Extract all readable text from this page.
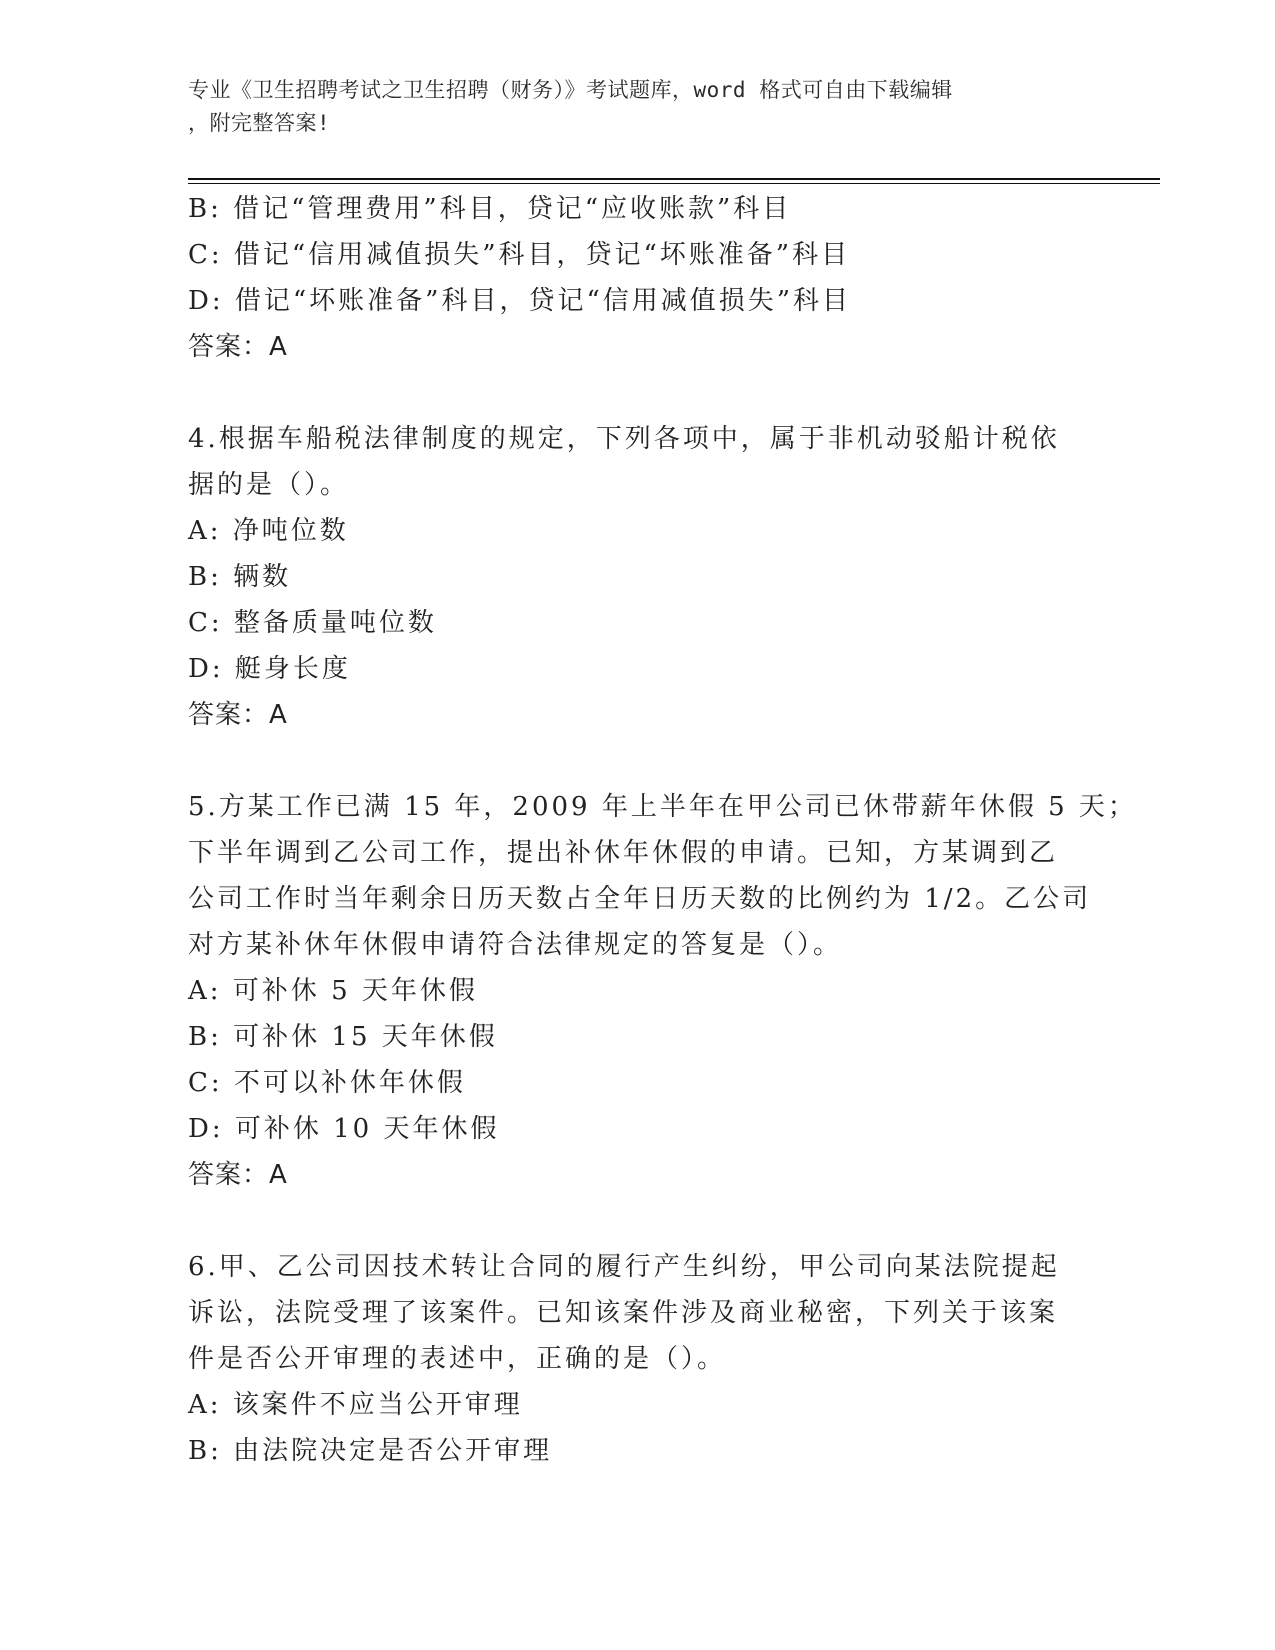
专业《卫生招聘考试之卫生招聘（财务）》考试题库，word 格式可自由下载编辑
，附完整答案!
B: 借记“管理费用”科目，贷记“应收账款”科目
C: 借记“信用减值损失”科目，贷记“坏账准备”科目
D: 借记“坏账准备”科目，贷记“信用减值损失”科目
答案：A
4.根据车船税法律制度的规定，下列各项中，属于非机动驳船计税依
据的是（）。
A: 净吨位数
B: 辆数
C: 整备质量吨位数
D: 艇身长度
答案：A
5.方某工作已满 15 年，2009 年上半年在甲公司已休带薪年休假 5 天；
下半年调到乙公司工作，提出补休年休假的申请。已知，方某调到乙
公司工作时当年剩余日历天数占全年日历天数的比例约为 1/2。乙公司
对方某补休年休假申请符合法律规定的答复是（）。
A: 可补休 5 天年休假
B: 可补休 15 天年休假
C: 不可以补休年休假
D: 可补休 10 天年休假
答案：A
6.甲、乙公司因技术转让合同的履行产生纠纷，甲公司向某法院提起
诉讼，法院受理了该案件。已知该案件涉及商业秘密，下列关于该案
件是否公开审理的表述中，正确的是（）。
A: 该案件不应当公开审理
B: 由法院决定是否公开审理
